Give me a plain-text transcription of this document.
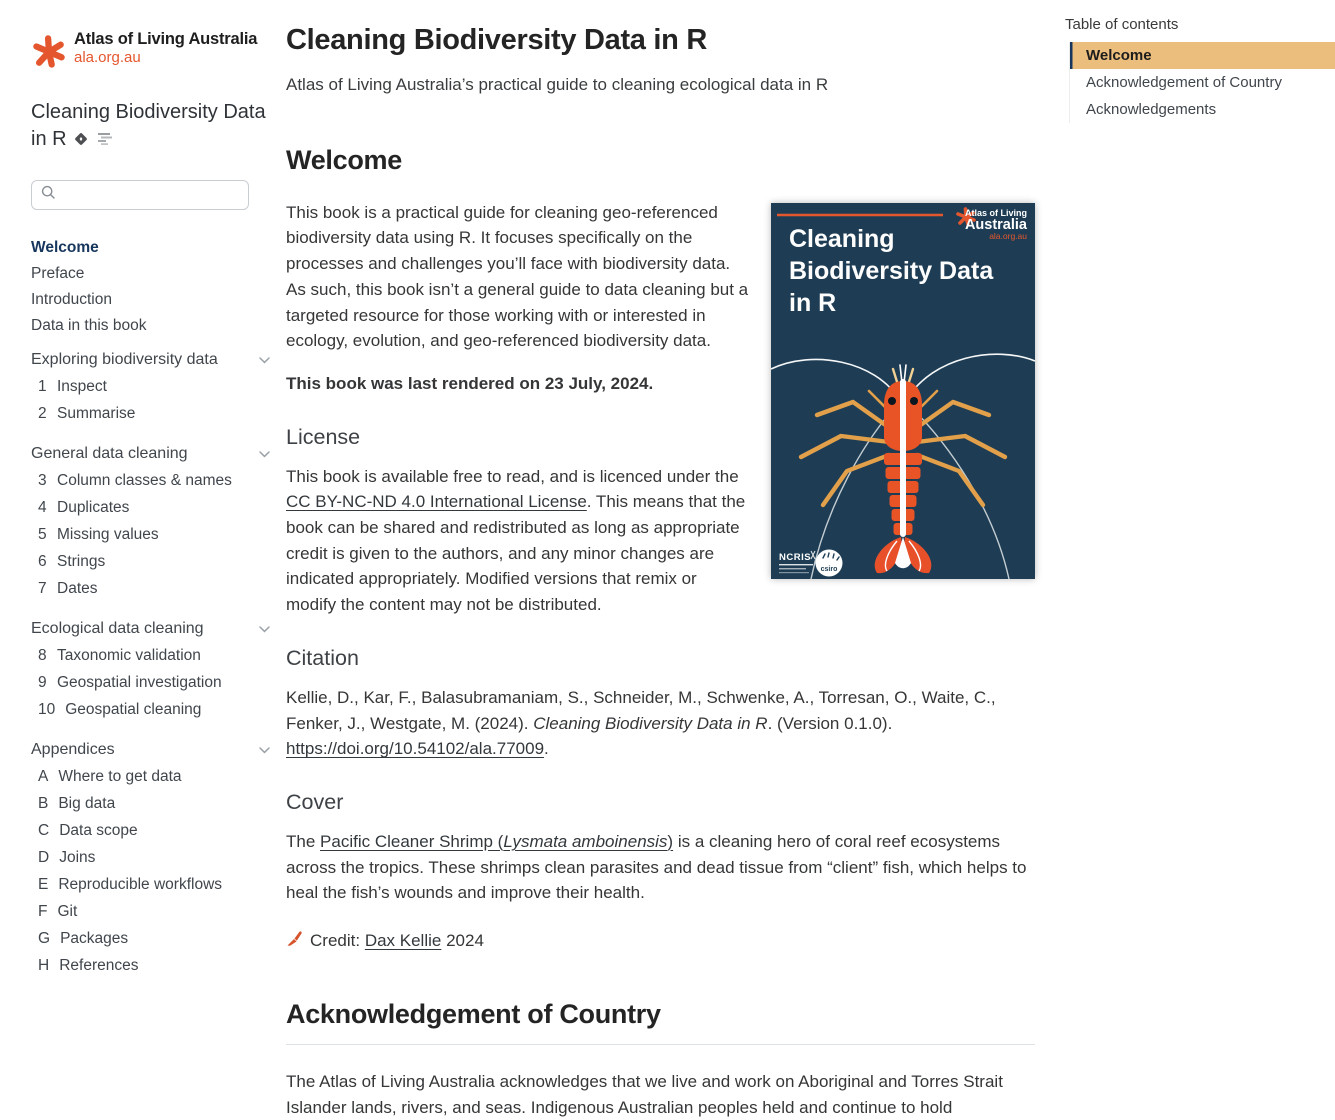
Atlas of Living Australia
ala.org.au
Cleaning Biodiversity Data in R
Welcome
Preface
Introduction
Data in this book
Exploring biodiversity data
1 Inspect
2 Summarise
General data cleaning
3 Column classes & names
4 Duplicates
5 Missing values
6 Strings
7 Dates
Ecological data cleaning
8 Taxonomic validation
9 Geospatial investigation
10 Geospatial cleaning
Appendices
A Where to get data
B Big data
C Data scope
D Joins
E Reproducible workflows
F Git
G Packages
H References
Cleaning Biodiversity Data in R

Atlas of Living Australia’s practical guide to cleaning ecological data in R

Welcome
Atlas of Living
Australia
ala.org.au
Cleaning
Biodiversity Data
in R
NCRIS
csiro

This book is a practical guide for cleaning geo-referenced biodiversity data using R. It focuses specifically on the processes and challenges you’ll face with biodiversity data. As such, this book isn’t a general guide to data cleaning but a targeted resource for those working with or interested in ecology, evolution, and geo-referenced biodiversity data.

This book was last rendered on 23 July, 2024.

License

This book is available free to read, and is licenced under the CC BY-NC-ND 4.0 International License. This means that the book can be shared and redistributed as long as appropriate credit is given to the authors, and any minor changes are indicated appropriately. Modified versions that remix or modify the content may not be distributed.

Citation

Kellie, D., Kar, F., Balasubramaniam, S., Schneider, M., Schwenke, A., Torresan, O., Waite, C., Fenker, J., Westgate, M. (2024). Cleaning Biodiversity Data in R. (Version 0.1.0). https://doi.org/10.54102/ala.77009.

Cover

The Pacific Cleaner Shrimp (Lysmata amboinensis) is a cleaning hero of coral reef ecosystems across the tropics. These shrimps clean parasites and dead tissue from “client” fish, which helps to heal the fish’s wounds and improve their health.

Credit: Dax Kellie 2024
Acknowledgement of Country

The Atlas of Living Australia acknowledges that we live and work on Aboriginal and Torres Strait Islander lands, rivers, and seas. Indigenous Australian peoples held and continue to hold

Table of contents
Welcome
Acknowledgement of Country
Acknowledgements
